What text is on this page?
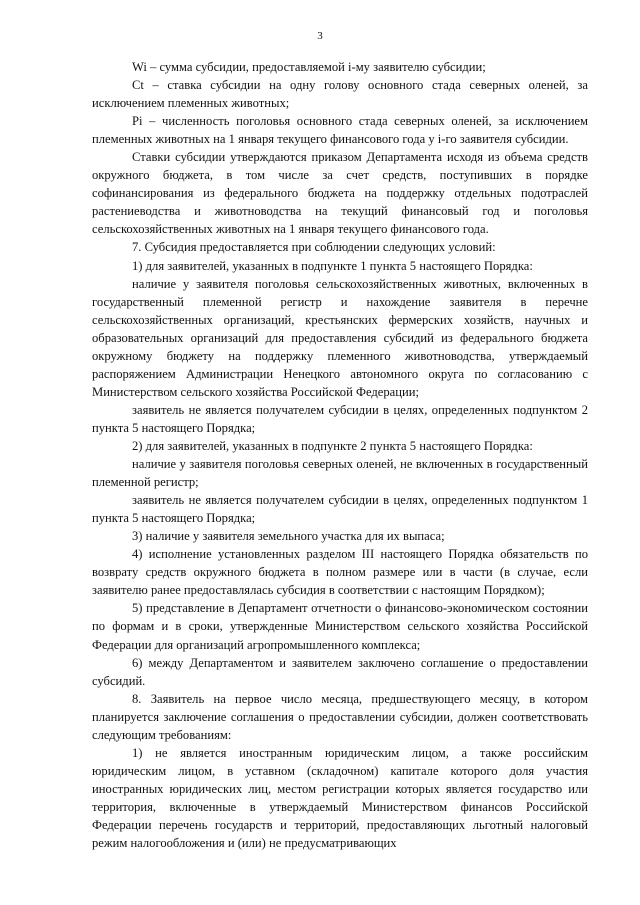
3

Wi – сумма субсидии, предоставляемой i-му заявителю субсидии;

Ct – ставка субсидии на одну голову основного стада северных оленей, за исключением племенных животных;

Pi – численность поголовья основного стада северных оленей, за исключением племенных животных на 1 января текущего финансового года у i-го заявителя субсидии.

Ставки субсидии утверждаются приказом Департамента исходя из объема средств окружного бюджета, в том числе за счет средств, поступивших в порядке софинансирования из федерального бюджета на поддержку отдельных подотраслей растениеводства и животноводства на текущий финансовый год и поголовья сельскохозяйственных животных на 1 января текущего финансового года.

7. Субсидия предоставляется при соблюдении следующих условий:

1) для заявителей, указанных в подпункте 1 пункта 5 настоящего Порядка:

наличие у заявителя поголовья сельскохозяйственных животных, включенных в государственный племенной регистр и нахождение заявителя в перечне сельскохозяйственных организаций, крестьянских фермерских хозяйств, научных и образовательных организаций для предоставления субсидий из федерального бюджета окружному бюджету на поддержку племенного животноводства, утверждаемый распоряжением Администрации Ненецкого автономного округа по согласованию с Министерством сельского хозяйства Российской Федерации;

заявитель не является получателем субсидии в целях, определенных подпунктом 2 пункта 5 настоящего Порядка;

2) для заявителей, указанных в подпункте 2 пункта 5 настоящего Порядка:

наличие у заявителя поголовья северных оленей, не включенных в государственный племенной регистр;

заявитель не является получателем субсидии в целях, определенных подпунктом 1 пункта 5 настоящего Порядка;

3) наличие у заявителя земельного участка для их выпаса;

4) исполнение установленных разделом III настоящего Порядка обязательств по возврату средств окружного бюджета в полном размере или в части (в случае, если заявителю ранее предоставлялась субсидия в соответствии с настоящим Порядком);

5) представление в Департамент отчетности о финансово-экономическом состоянии по формам и в сроки, утвержденные Министерством сельского хозяйства Российской Федерации для организаций агропромышленного комплекса;

6) между Департаментом и заявителем заключено соглашение о предоставлении субсидий.

8. Заявитель на первое число месяца, предшествующего месяцу, в котором планируется заключение соглашения о предоставлении субсидии, должен соответствовать следующим требованиям:

1) не является иностранным юридическим лицом, а также российским юридическим лицом, в уставном (складочном) капитале которого доля участия иностранных юридических лиц, местом регистрации которых является государство или территория, включенные в утверждаемый Министерством финансов Российской Федерации перечень государств и территорий, предоставляющих льготный налоговый режим налогообложения и (или) не предусматривающих
